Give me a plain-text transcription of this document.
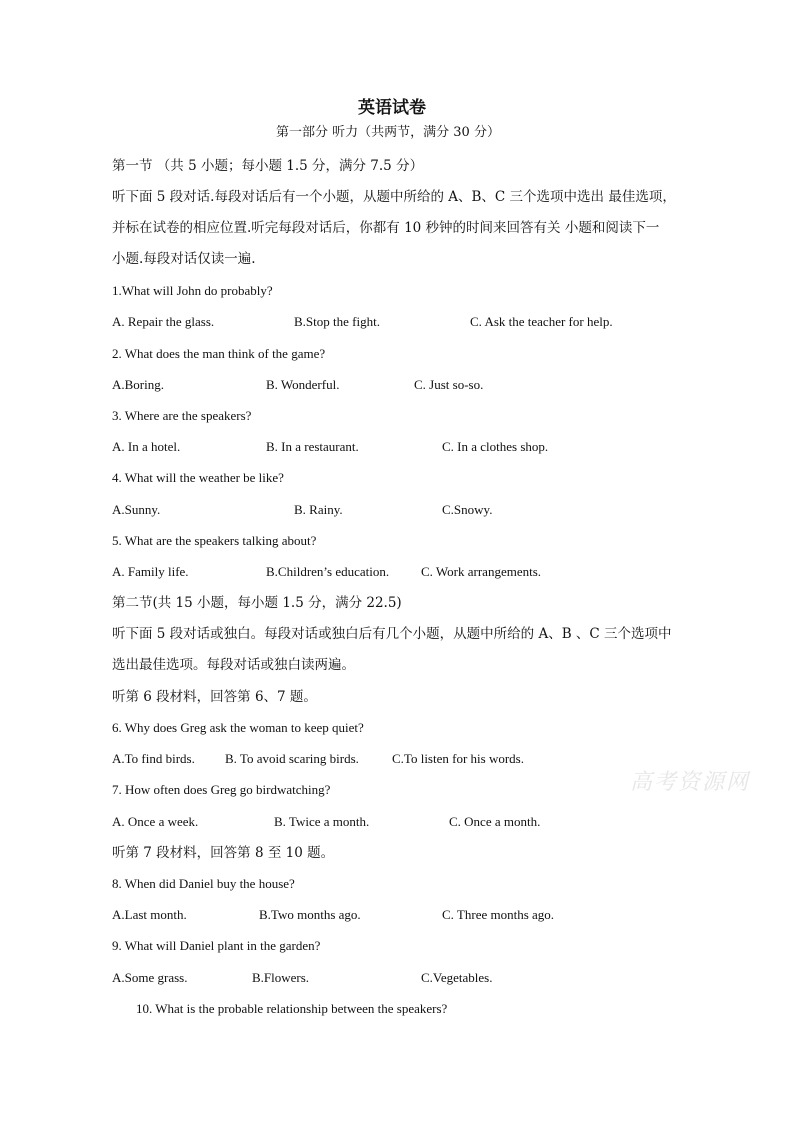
英语试卷
第一部分 听力（共两节，满分 30 分）
第一节 （共 5 小题；每小题 1.5 分，满分 7.5 分）
听下面 5 段对话.每段对话后有一个小题，从题中所给的 A、B、C 三个选项中选出 最佳选项，
并标在试卷的相应位置.听完每段对话后，你都有 10 秒钟的时间来回答有关 小题和阅读下一
小题.每段对话仅读一遍.
1.What will John do probably?
A. Repair the glass.	B.Stop the fight.	C. Ask the teacher for help.
2. What does the man think of the game?
A.Boring.	B. Wonderful.	C. Just so-so.
3. Where are the speakers?
A. In a hotel.	B. In a restaurant.	C. In a clothes shop.
4. What will the weather be like?
A.Sunny.	B. Rainy.	C.Snowy.
5. What are the speakers talking about?
A. Family life.	B.Children’s education. C. Work arrangements.
第二节(共 15 小题，每小题 1.5 分，满分 22.5)
听下面 5 段对话或独白。每段对话或独白后有几个小题，从题中所给的 A、B 、C 三个选项中
选出最佳选项。每段对话或独白读两遍。
听第 6 段材料，回答第 6、7 题。
6. Why does Greg ask the woman to keep quiet?
A.To find birds. B. To avoid scaring birds.	C.To listen for his words.
高考资源网
7. How often does Greg go birdwatching?
A. Once a week.	B. Twice a month.	C. Once a month.
听第 7 段材料，回答第 8 至 10 题。
8. When did Daniel buy the house?
A.Last month.	B.Two months ago.	C. Three months ago.
9. What will Daniel plant in the garden?
A.Some grass.	B.Flowers.	C.Vegetables.
10. What is the probable relationship between the speakers?
